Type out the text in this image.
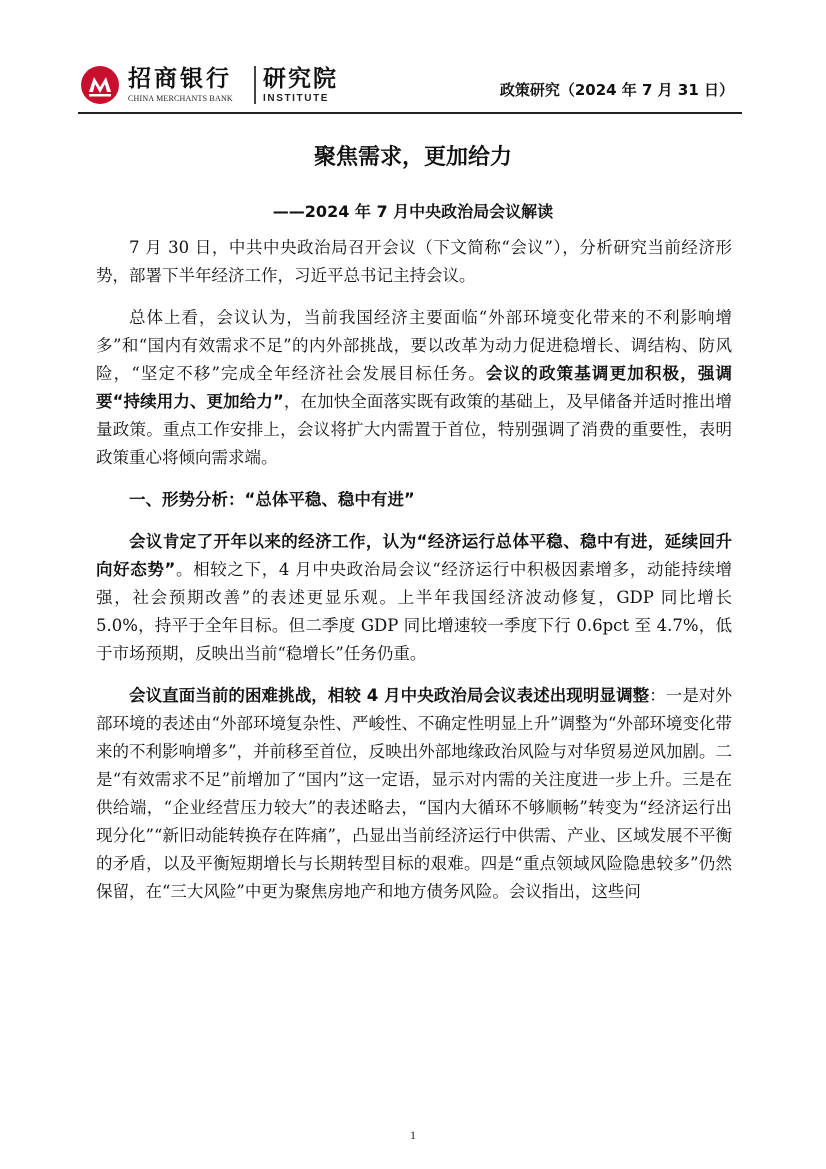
招商银行
CHINA MERCHANTS BANK
研究院
INSTITUTE	政策研究（2024 年 7 月 31 日）
聚焦需求，更加给力
——2024 年 7 月中央政治局会议解读

7 月 30 日，中共中央政治局召开会议（下文简称“会议”），分析研究当前经济形势，部署下半年经济工作，习近平总书记主持会议。

总体上看，会议认为，当前我国经济主要面临“外部环境变化带来的不利影响增多”和“国内有效需求不足”的内外部挑战，要以改革为动力促进稳增长、调结构、防风险，“坚定不移”完成全年经济社会发展目标任务。会议的政策基调更加积极，强调要“持续用力、更加给力”，在加快全面落实既有政策的基础上，及早储备并适时推出增量政策。重点工作安排上，会议将扩大内需置于首位，特别强调了消费的重要性，表明政策重心将倾向需求端。

一、形势分析：“总体平稳、稳中有进”

会议肯定了开年以来的经济工作，认为“经济运行总体平稳、稳中有进，延续回升向好态势”。相较之下，4 月中央政治局会议“经济运行中积极因素增多，动能持续增强，社会预期改善”的表述更显乐观。上半年我国经济波动修复，GDP 同比增长 5.0%，持平于全年目标。但二季度 GDP 同比增速较一季度下行 0.6pct 至 4.7%，低于市场预期，反映出当前“稳增长”任务仍重。

会议直面当前的困难挑战，相较 4 月中央政治局会议表述出现明显调整：一是对外部环境的表述由“外部环境复杂性、严峻性、不确定性明显上升”调整为“外部环境变化带来的不利影响增多”，并前移至首位，反映出外部地缘政治风险与对华贸易逆风加剧。二是“有效需求不足”前增加了“国内”这一定语，显示对内需的关注度进一步上升。三是在供给端，“企业经营压力较大”的表述略去，“国内大循环不够顺畅”转变为“经济运行出现分化”“新旧动能转换存在阵痛”，凸显出当前经济运行中供需、产业、区域发展不平衡的矛盾，以及平衡短期增长与长期转型目标的艰难。四是“重点领域风险隐患较多”仍然保留，在“三大风险”中更为聚焦房地产和地方债务风险。会议指出，这些问

1
